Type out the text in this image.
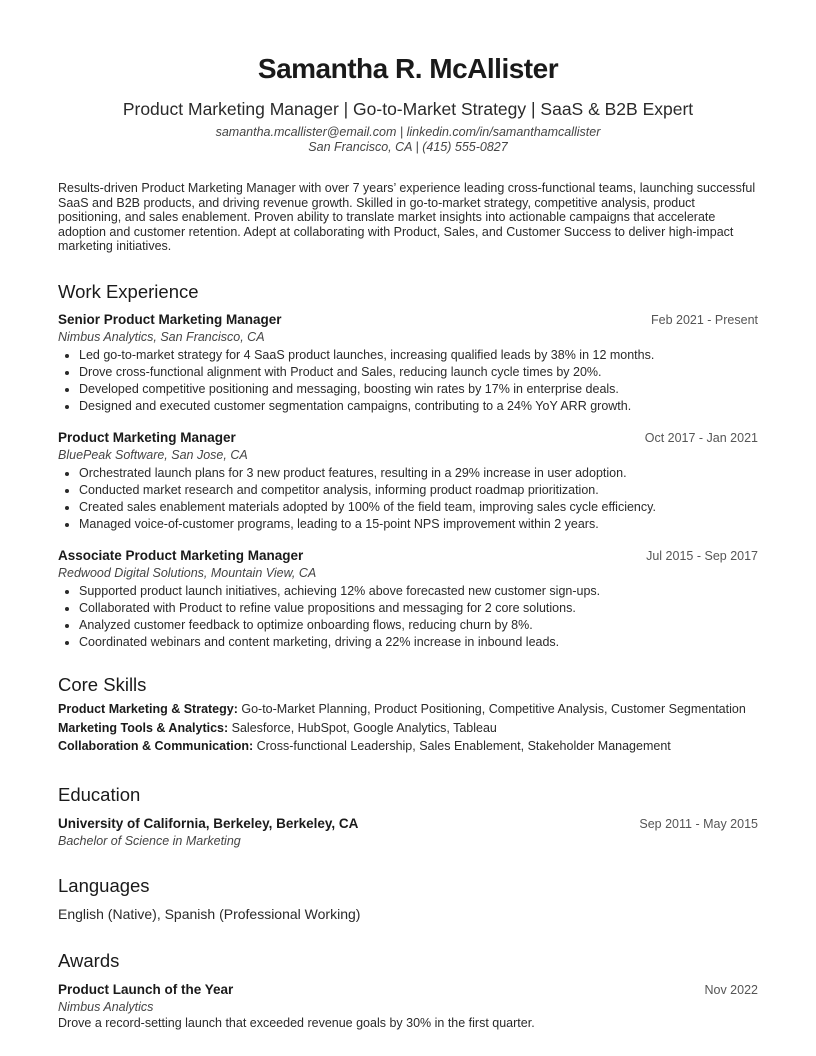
Samantha R. McAllister
Product Marketing Manager | Go-to-Market Strategy | SaaS & B2B Expert
samantha.mcallister@email.com | linkedin.com/in/samanthamcallister
San Francisco, CA | (415) 555-0827
Results-driven Product Marketing Manager with over 7 years’ experience leading cross-functional teams, launching successful SaaS and B2B products, and driving revenue growth. Skilled in go-to-market strategy, competitive analysis, product positioning, and sales enablement. Proven ability to translate market insights into actionable campaigns that accelerate adoption and customer retention. Adept at collaborating with Product, Sales, and Customer Success to deliver high-impact marketing initiatives.
Work Experience
Senior Product Marketing Manager	Feb 2021 - Present
Nimbus Analytics, San Francisco, CA
• Led go-to-market strategy for 4 SaaS product launches, increasing qualified leads by 38% in 12 months.
• Drove cross-functional alignment with Product and Sales, reducing launch cycle times by 20%.
• Developed competitive positioning and messaging, boosting win rates by 17% in enterprise deals.
• Designed and executed customer segmentation campaigns, contributing to a 24% YoY ARR growth.
Product Marketing Manager	Oct 2017 - Jan 2021
BluePeak Software, San Jose, CA
• Orchestrated launch plans for 3 new product features, resulting in a 29% increase in user adoption.
• Conducted market research and competitor analysis, informing product roadmap prioritization.
• Created sales enablement materials adopted by 100% of the field team, improving sales cycle efficiency.
• Managed voice-of-customer programs, leading to a 15-point NPS improvement within 2 years.
Associate Product Marketing Manager	Jul 2015 - Sep 2017
Redwood Digital Solutions, Mountain View, CA
• Supported product launch initiatives, achieving 12% above forecasted new customer sign-ups.
• Collaborated with Product to refine value propositions and messaging for 2 core solutions.
• Analyzed customer feedback to optimize onboarding flows, reducing churn by 8%.
• Coordinated webinars and content marketing, driving a 22% increase in inbound leads.
Core Skills
Product Marketing & Strategy: Go-to-Market Planning, Product Positioning, Competitive Analysis, Customer Segmentation
Marketing Tools & Analytics: Salesforce, HubSpot, Google Analytics, Tableau
Collaboration & Communication: Cross-functional Leadership, Sales Enablement, Stakeholder Management
Education
University of California, Berkeley, Berkeley, CA	Sep 2011 - May 2015
Bachelor of Science in Marketing
Languages
English (Native), Spanish (Professional Working)
Awards
Product Launch of the Year	Nov 2022
Nimbus Analytics
Drove a record-setting launch that exceeded revenue goals by 30% in the first quarter.
